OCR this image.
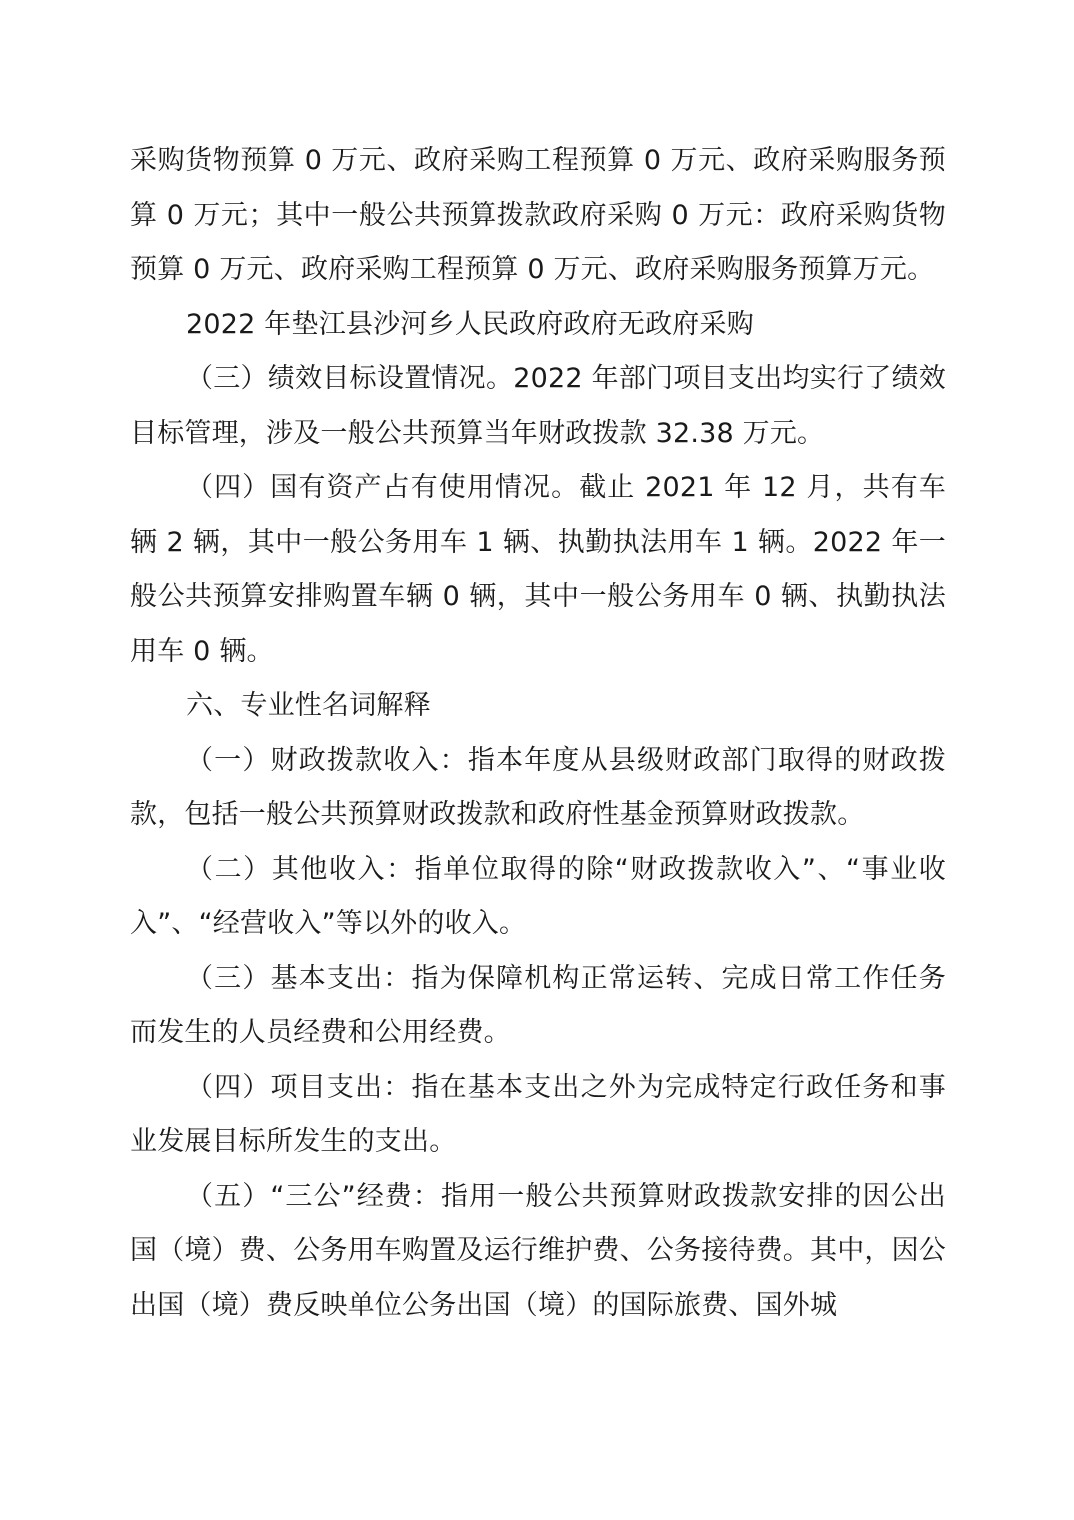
采购货物预算 0 万元、政府采购工程预算 0 万元、政府采购服务预算 0 万元；其中一般公共预算拨款政府采购 0 万元：政府采购货物预算 0 万元、政府采购工程预算 0 万元、政府采购服务预算万元。

2022 年垫江县沙河乡人民政府政府无政府采购

（三）绩效目标设置情况。2022 年部门项目支出均实行了绩效目标管理，涉及一般公共预算当年财政拨款 32.38 万元。

（四）国有资产占有使用情况。截止 2021 年 12 月，共有车辆 2 辆，其中一般公务用车 1 辆、执勤执法用车 1 辆。2022 年一般公共预算安排购置车辆 0 辆，其中一般公务用车 0 辆、执勤执法用车 0 辆。

六、专业性名词解释

（一）财政拨款收入：指本年度从县级财政部门取得的财政拨款，包括一般公共预算财政拨款和政府性基金预算财政拨款。

（二）其他收入：指单位取得的除“财政拨款收入”、“事业收入”、“经营收入”等以外的收入。

（三）基本支出：指为保障机构正常运转、完成日常工作任务而发生的人员经费和公用经费。

（四）项目支出：指在基本支出之外为完成特定行政任务和事业发展目标所发生的支出。

（五）“三公”经费：指用一般公共预算财政拨款安排的因公出国（境）费、公务用车购置及运行维护费、公务接待费。其中，因公出国（境）费反映单位公务出国（境）的国际旅费、国外城
